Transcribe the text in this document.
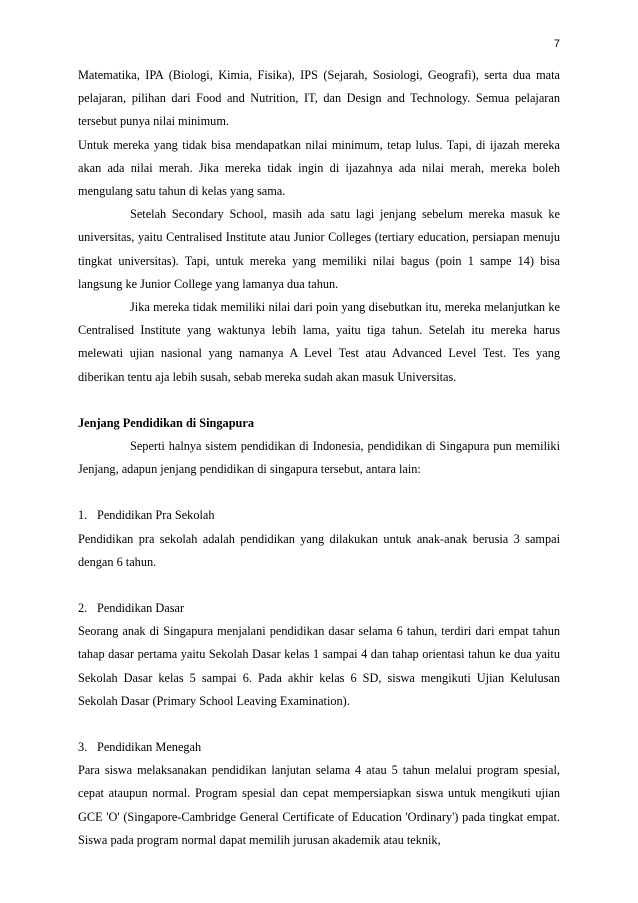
7

Matematika, IPA (Biologi, Kimia, Fisika), IPS (Sejarah, Sosiologi, Geografi), serta dua mata pelajaran, pilihan dari Food and Nutrition, IT, dan Design and Technology. Semua pelajaran tersebut punya nilai minimum.

Untuk mereka yang tidak bisa mendapatkan nilai minimum, tetap lulus. Tapi, di ijazah mereka akan ada nilai merah. Jika mereka tidak ingin di ijazahnya ada nilai merah, mereka boleh mengulang satu tahun di kelas yang sama.

Setelah Secondary School, masih ada satu lagi jenjang sebelum mereka masuk ke universitas, yaitu Centralised Institute atau Junior Colleges (tertiary education, persiapan menuju tingkat universitas). Tapi, untuk mereka yang memiliki nilai bagus (poin 1 sampe 14) bisa langsung ke Junior College yang lamanya dua tahun.

Jika mereka tidak memiliki nilai dari poin yang disebutkan itu, mereka melanjutkan ke Centralised Institute yang waktunya lebih lama, yaitu tiga tahun. Setelah itu mereka harus melewati ujian nasional yang namanya A Level Test atau Advanced Level Test. Tes yang diberikan tentu aja lebih susah, sebab mereka sudah akan masuk Universitas.

Jenjang Pendidikan di Singapura

Seperti halnya sistem pendidikan di Indonesia, pendidikan di Singapura pun memiliki Jenjang, adapun jenjang pendidikan di singapura tersebut, antara lain:

1. Pendidikan Pra Sekolah

Pendidikan pra sekolah adalah pendidikan yang dilakukan untuk anak-anak berusia 3 sampai dengan 6 tahun.

2. Pendidikan Dasar

Seorang anak di Singapura menjalani pendidikan dasar selama 6 tahun, terdiri dari empat tahun tahap dasar pertama yaitu Sekolah Dasar kelas 1 sampai 4 dan tahap orientasi tahun ke dua yaitu Sekolah Dasar kelas 5 sampai 6. Pada akhir kelas 6 SD, siswa mengikuti Ujian Kelulusan Sekolah Dasar (Primary School Leaving Examination).

3. Pendidikan Menegah

Para siswa melaksanakan pendidikan lanjutan selama 4 atau 5 tahun melalui program spesial, cepat ataupun normal. Program spesial dan cepat mempersiapkan siswa untuk mengikuti ujian GCE 'O' (Singapore-Cambridge General Certificate of Education 'Ordinary') pada tingkat empat. Siswa pada program normal dapat memilih jurusan akademik atau teknik,
